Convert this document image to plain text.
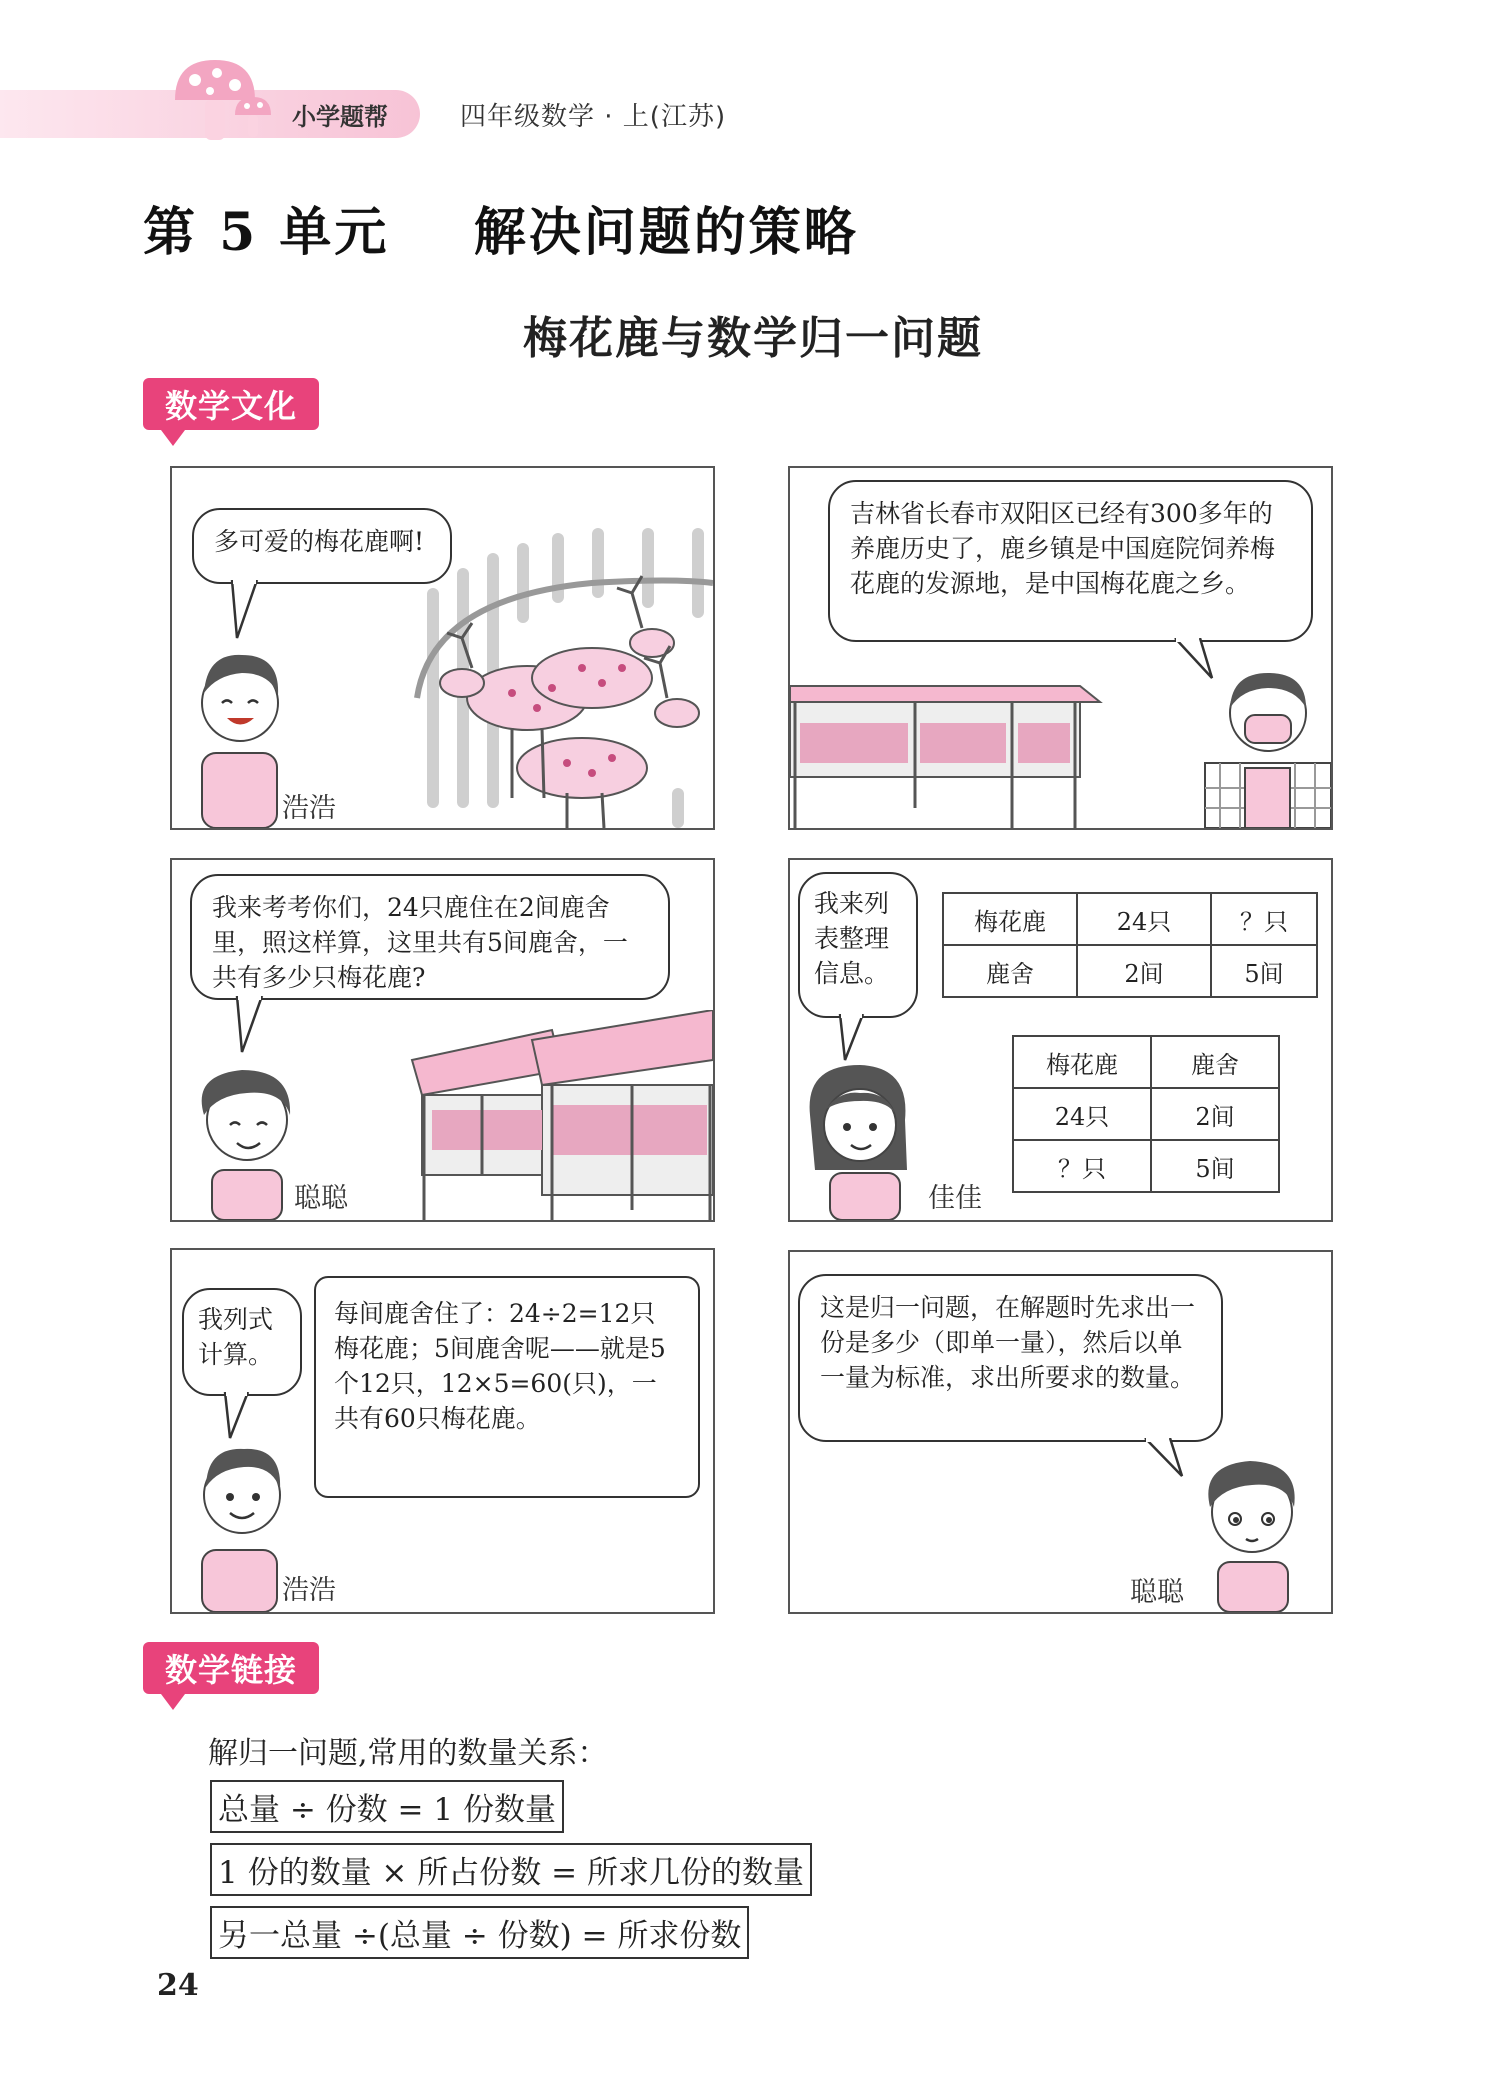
小学题帮	四年级数学 · 上(江苏)
第 5 单元    解决问题的策略
梅花鹿与数学归一问题
数学文化
多可爱的梅花鹿啊!
浩浩
吉林省长春市双阳区已经有300多年的养鹿历史了，鹿乡镇是中国庭院饲养梅花鹿的发源地，是中国梅花鹿之乡。
我来考考你们，24只鹿住在2间鹿舍里，照这样算，这里共有5间鹿舍，一共有多少只梅花鹿?
聪聪
我来列表整理信息。
梅花鹿	24只	？只
鹿舍	2间	5间
梅花鹿	鹿舍
24只	2间
？只	5间
佳佳
我列式计算。
每间鹿舍住了：24÷2=12只梅花鹿；5间鹿舍呢——就是5个12只，12×5=60(只)，一共有60只梅花鹿。
浩浩
这是归一问题，在解题时先求出一份是多少（即单一量），然后以单一量为标准，求出所要求的数量。
聪聪
数学链接
解归一问题,常用的数量关系：
总量 ÷ 份数 = 1 份数量
1 份的数量 × 所占份数 = 所求几份的数量
另一总量 ÷(总量 ÷ 份数) = 所求份数
24
